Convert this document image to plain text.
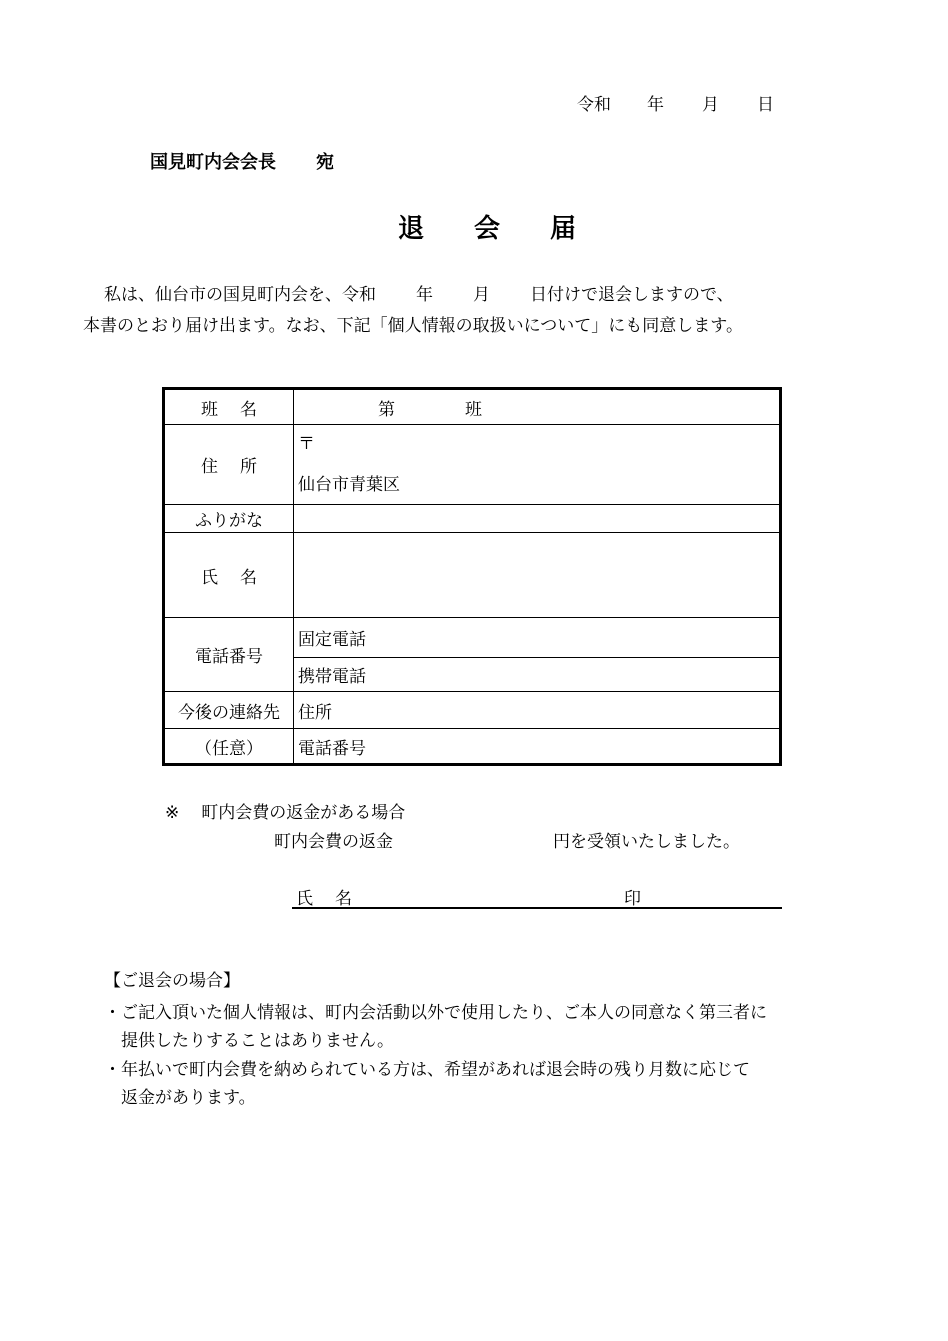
令和 年 月 日
国見町内会会長 宛
退 会 届
私は、仙台市の国見町内会を、令和 年 月 日付けで退会しますので、
本書のとおり届け出ます。なお、下記「個人情報の取扱いについて」にも同意します。
班 名	第 班
住 所	〒
仙台市青葉区

ふりがな	
氏 名	
電話番号	固定電話
	携帯電話
今後の連絡先	住所
（任意）	電話番号
※ 町内会費の返金がある場合
町内会費の返金	円を受領いたしました。
氏 名	印
【ご退会の場合】
・ご記入頂いた個人情報は、町内会活動以外で使用したり、ご本人の同意なく第三者に
提供したりすることはありません。
・年払いで町内会費を納められている方は、希望があれば退会時の残り月数に応じて
返金があります。
